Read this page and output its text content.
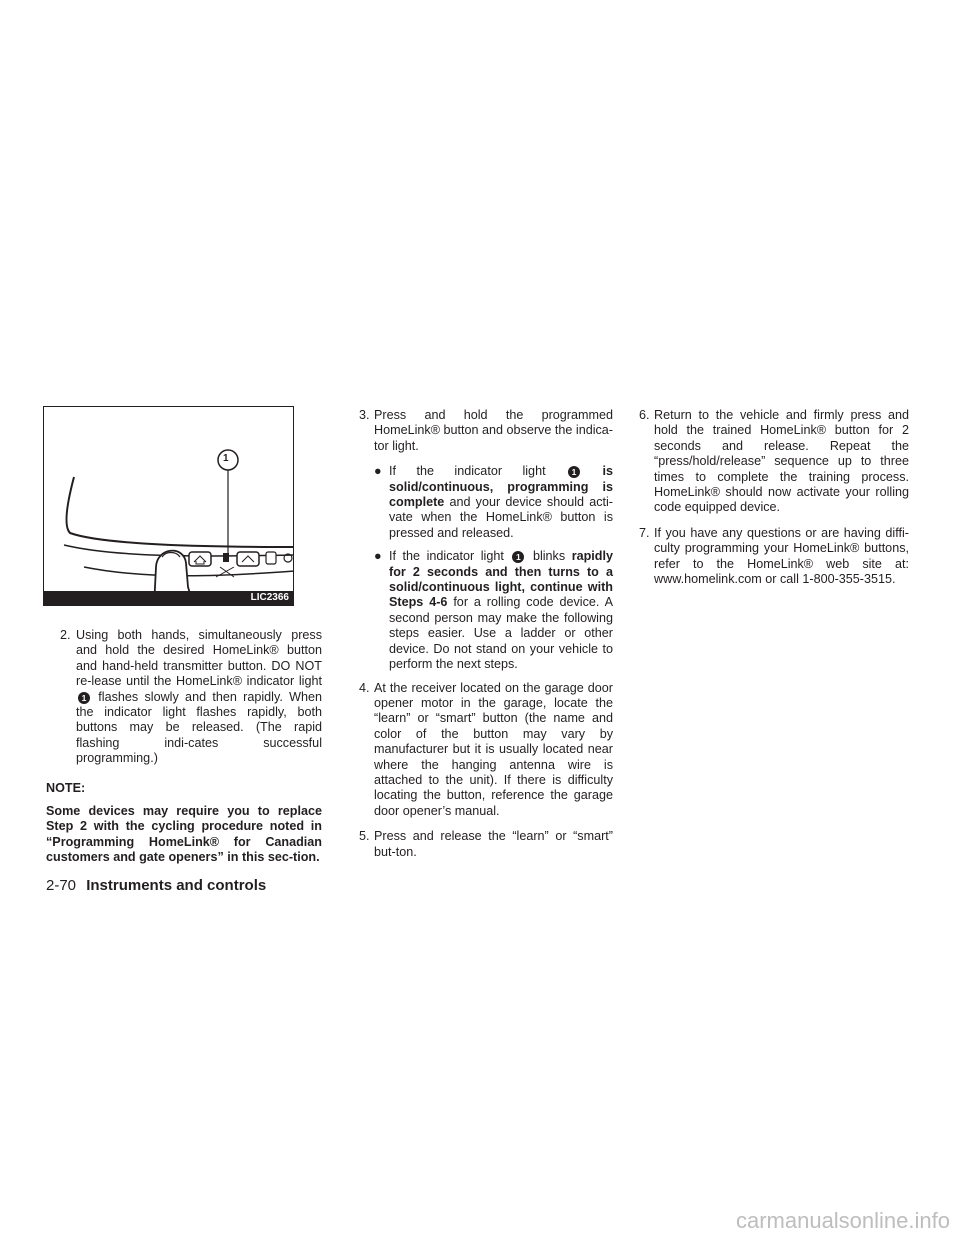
1
LIC2366
2. Using both hands, simultaneously press and hold the desired HomeLink® button and hand-held transmitter button. DO NOT re-lease until the HomeLink® indicator light 1 flashes slowly and then rapidly. When the indicator light flashes rapidly, both buttons may be released. (The rapid flashing indi-cates successful programming.)
NOTE:
Some devices may require you to replace Step 2 with the cycling procedure noted in “Programming HomeLink® for Canadian customers and gate openers” in this sec-tion.
3. Press and hold the programmed HomeLink® button and observe the indica-tor light.
● If the indicator light	1 is solid/continuous, programming is complete and your device should acti-vate when the HomeLink® button is pressed and released.
● If the indicator light 1 blinks rapidly for 2 seconds and then turns to a solid/continuous light, continue with Steps 4-6 for a rolling code device. A second person may make the following steps easier. Use a ladder or other device. Do not stand on your vehicle to perform the next steps.
4. At the receiver located on the garage door opener motor in the garage, locate the “learn” or “smart” button (the name and color of the button may vary by manufacturer but it is usually located near where the hanging antenna wire is attached to the unit). If there is difficulty locating the button, reference the garage door opener’s manual.
5. Press and release the “learn” or “smart” but-ton.
6. Return to the vehicle and firmly press and hold the trained HomeLink® button for 2 seconds and release. Repeat the “press/hold/release” sequence up to three times to complete the training process. HomeLink® should now activate your rolling code equipped device.
7. If you have any questions or are having diffi-culty programming your HomeLink® buttons, refer to the HomeLink® web site at: www.homelink.com or call 1-800-355-3515.
2-70 Instruments and controls
carmanualsonline.info
